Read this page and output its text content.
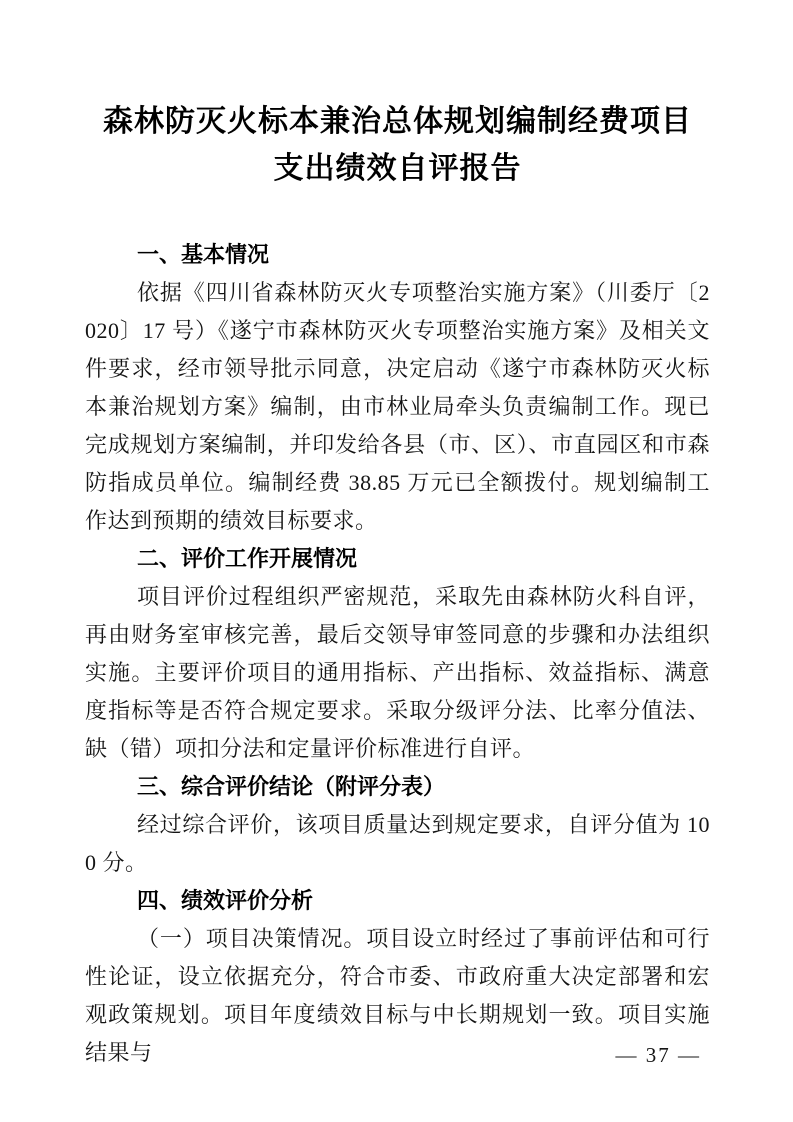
森林防灭火标本兼治总体规划编制经费项目
支出绩效自评报告
一、基本情况

依据《四川省森林防灭火专项整治实施方案》（川委厅〔2020〕17 号）《遂宁市森林防灭火专项整治实施方案》及相关文件要求，经市领导批示同意，决定启动《遂宁市森林防灭火标本兼治规划方案》编制，由市林业局牵头负责编制工作。现已完成规划方案编制，并印发给各县（市、区）、市直园区和市森防指成员单位。编制经费 38.85 万元已全额拨付。规划编制工作达到预期的绩效目标要求。

二、评价工作开展情况

项目评价过程组织严密规范，采取先由森林防火科自评，再由财务室审核完善，最后交领导审签同意的步骤和办法组织实施。主要评价项目的通用指标、产出指标、效益指标、满意度指标等是否符合规定要求。采取分级评分法、比率分值法、缺（错）项扣分法和定量评价标准进行自评。

三、综合评价结论（附评分表）

经过综合评价，该项目质量达到规定要求，自评分值为 100 分。

四、绩效评价分析

（一）项目决策情况。项目设立时经过了事前评估和可行性论证，设立依据充分，符合市委、市政府重大决定部署和宏观政策规划。项目年度绩效目标与中长期规划一致。项目实施结果与	— 37 —
